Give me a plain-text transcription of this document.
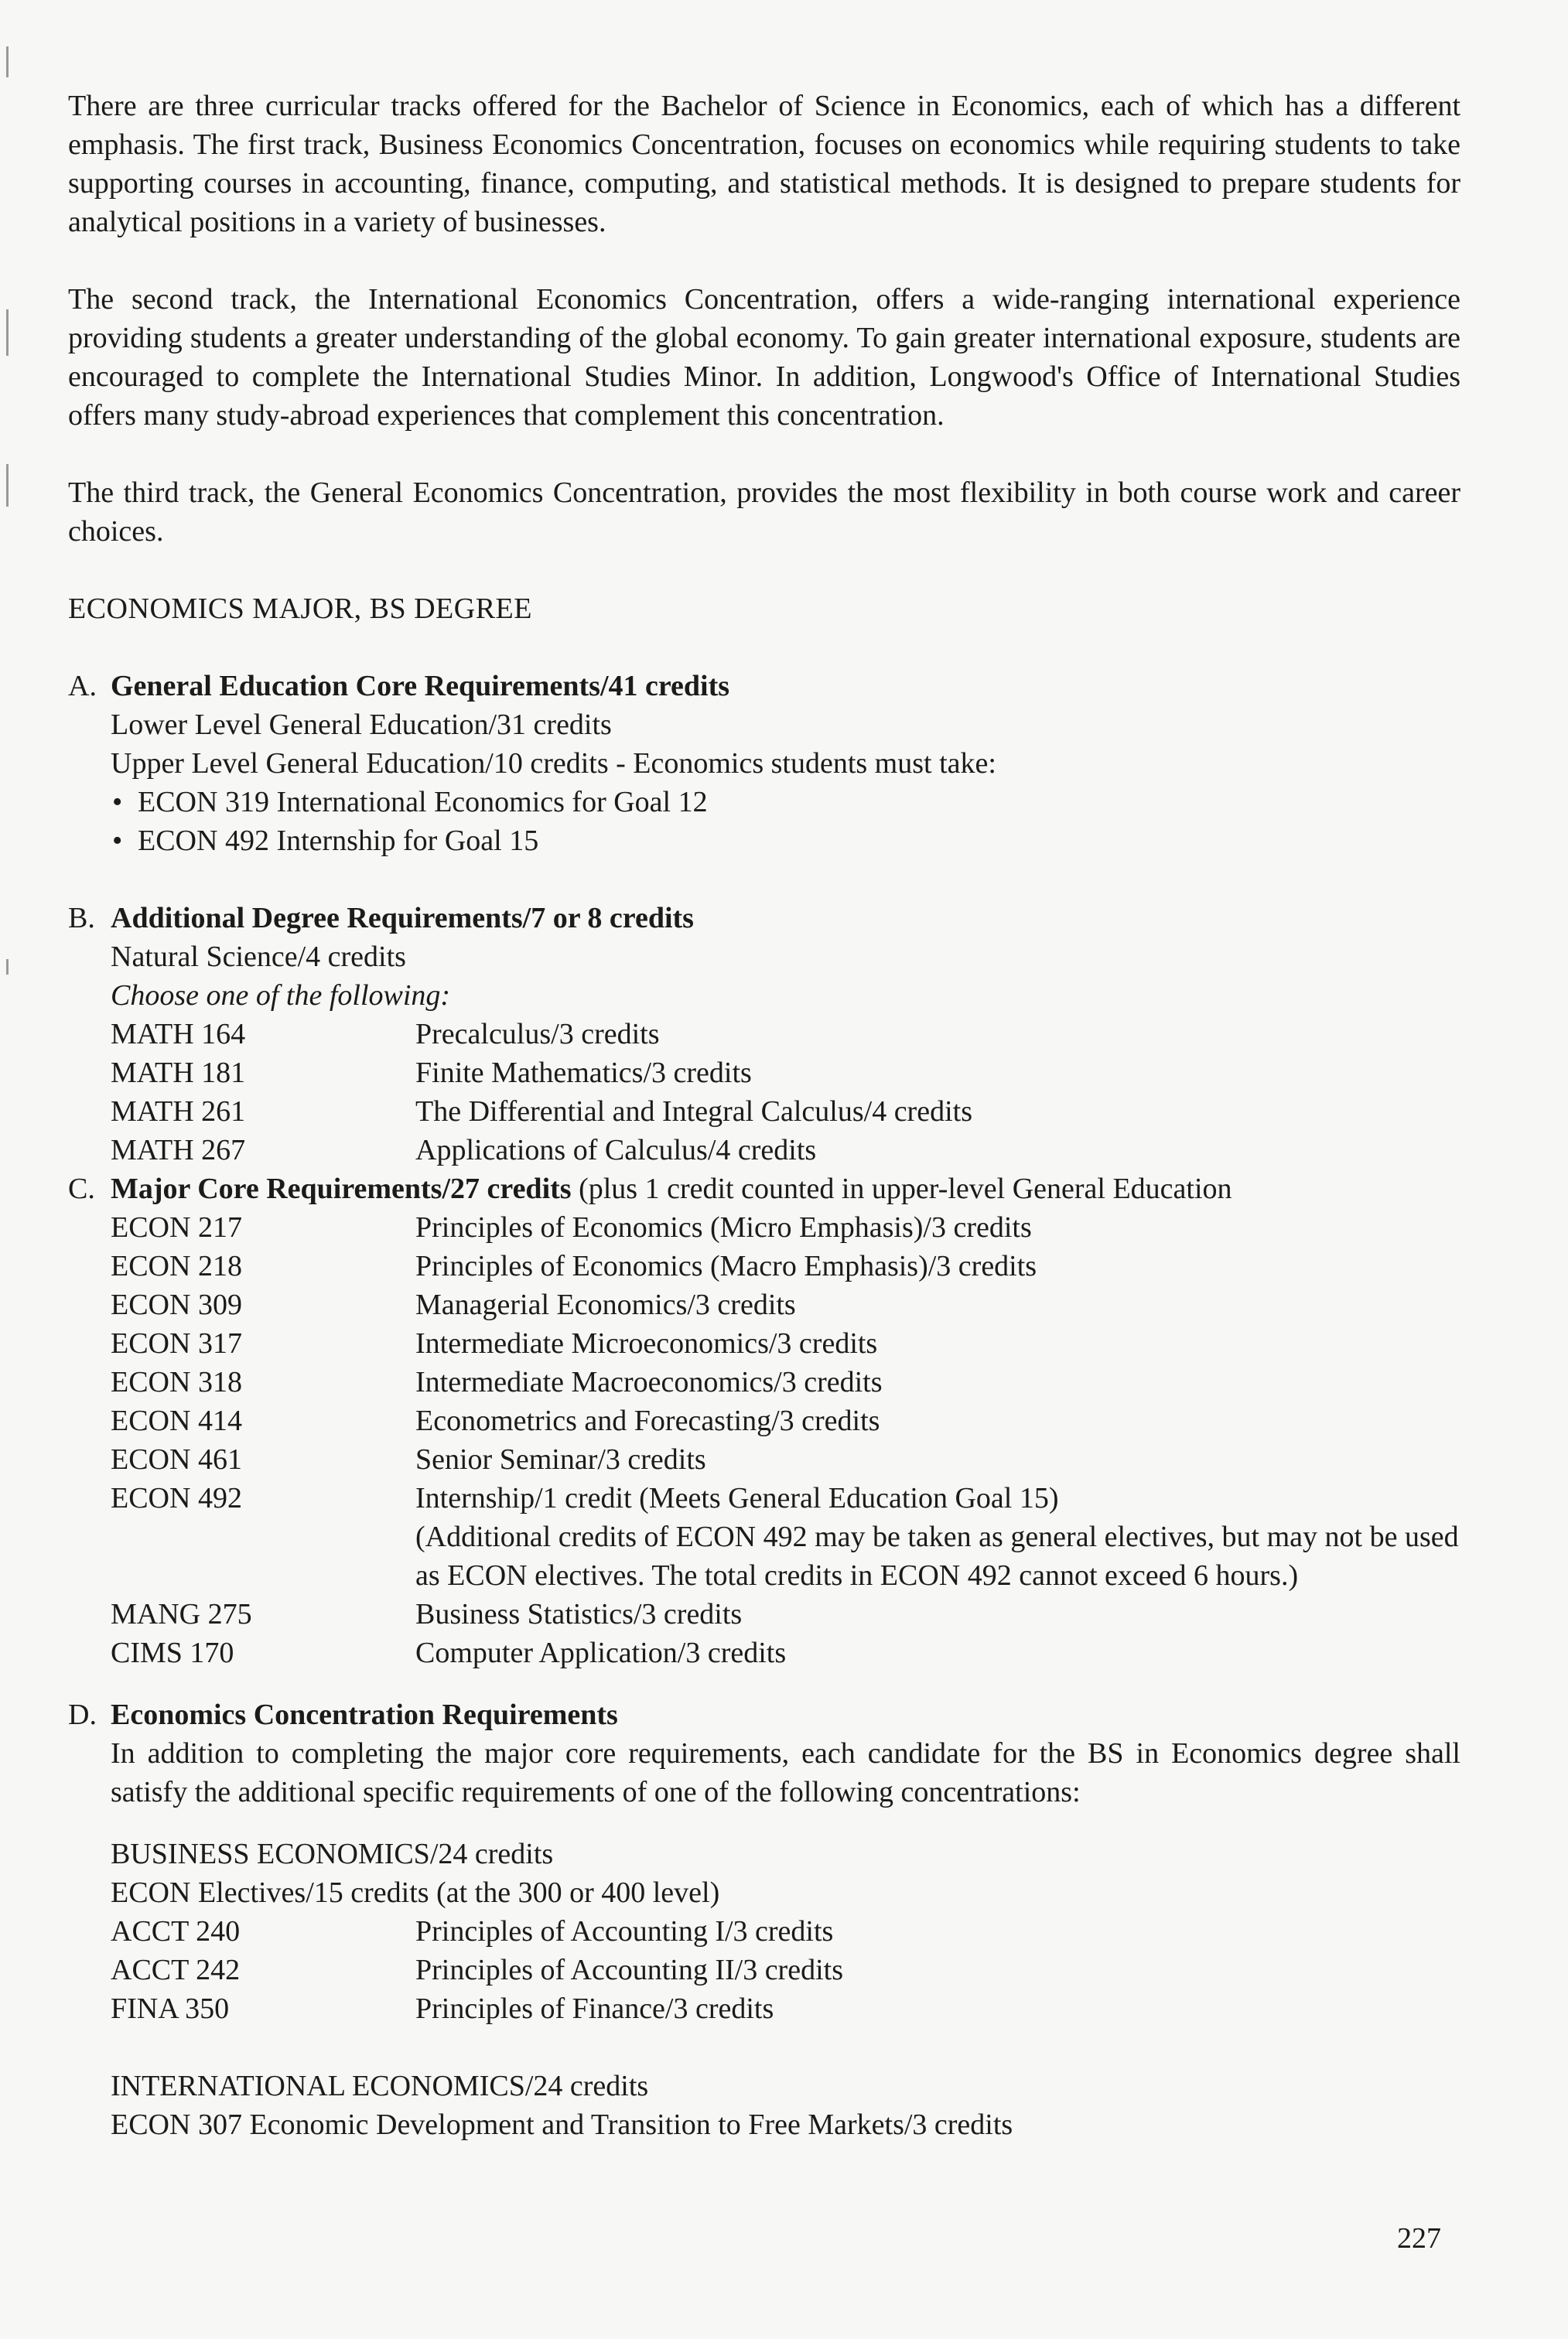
There are three curricular tracks offered for the Bachelor of Science in Economics, each of which has a different emphasis. The first track, Business Economics Concentration, focuses on economics while requiring students to take supporting courses in accounting, finance, computing, and statistical methods. It is designed to prepare students for analytical positions in a variety of businesses.

The second track, the International Economics Concentration, offers a wide-ranging international experience providing students a greater understanding of the global economy. To gain greater international exposure, students are encouraged to complete the International Studies Minor. In addition, Longwood's Office of International Studies offers many study-abroad experiences that complement this concentration.

The third track, the General Economics Concentration, provides the most flexibility in both course work and career choices.

ECONOMICS MAJOR, BS DEGREE

A. General Education Core Requirements/41 credits
Lower Level General Education/31 credits
Upper Level General Education/10 credits - Economics students must take:
• ECON 319 International Economics for Goal 12
• ECON 492 Internship for Goal 15
B. Additional Degree Requirements/7 or 8 credits
Natural Science/4 credits
Choose one of the following:
MATH 164	Precalculus/3 credits
MATH 181	Finite Mathematics/3 credits
MATH 261	The Differential and Integral Calculus/4 credits
MATH 267	Applications of Calculus/4 credits
C. Major Core Requirements/27 credits (plus 1 credit counted in upper-level General Education
ECON 217	Principles of Economics (Micro Emphasis)/3 credits
ECON 218	Principles of Economics (Macro Emphasis)/3 credits
ECON 309	Managerial Economics/3 credits
ECON 317	Intermediate Microeconomics/3 credits
ECON 318	Intermediate Macroeconomics/3 credits
ECON 414	Econometrics and Forecasting/3 credits
ECON 461	Senior Seminar/3 credits
ECON 492	Internship/1 credit (Meets General Education Goal 15)
(Additional credits of ECON 492 may be taken as general electives, but may not be used as ECON electives. The total credits in ECON 492 cannot exceed 6 hours.)
MANG 275	Business Statistics/3 credits
CIMS 170	Computer Application/3 credits
D. Economics Concentration Requirements

In addition to completing the major core requirements, each candidate for the BS in Economics degree shall satisfy the additional specific requirements of one of the following concentrations:

BUSINESS ECONOMICS/24 credits
ECON Electives/15 credits (at the 300 or 400 level)
ACCT 240	Principles of Accounting I/3 credits
ACCT 242	Principles of Accounting II/3 credits
FINA 350	Principles of Finance/3 credits
INTERNATIONAL ECONOMICS/24 credits
ECON 307 Economic Development and Transition to Free Markets/3 credits
227
